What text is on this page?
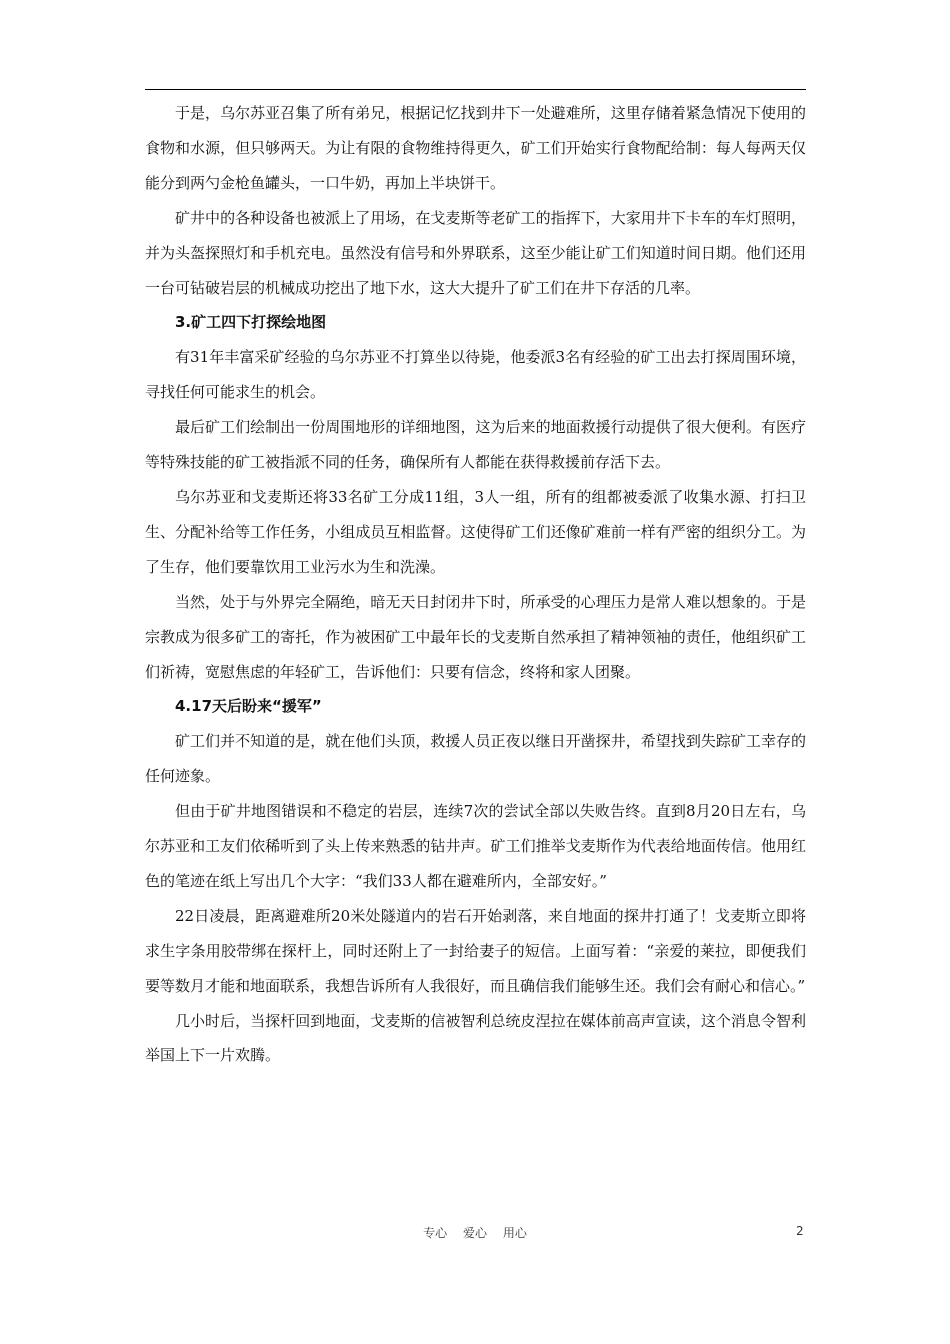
于是，乌尔苏亚召集了所有弟兄，根据记忆找到井下一处避难所，这里存储着紧急情况下使用的食物和水源，但只够两天。为让有限的食物维持得更久，矿工们开始实行食物配给制：每人每两天仅能分到两勺金枪鱼罐头，一口牛奶，再加上半块饼干。

矿井中的各种设备也被派上了用场，在戈麦斯等老矿工的指挥下，大家用井下卡车的车灯照明，并为头盔探照灯和手机充电。虽然没有信号和外界联系，这至少能让矿工们知道时间日期。他们还用一台可钻破岩层的机械成功挖出了地下水，这大大提升了矿工们在井下存活的几率。

3.矿工四下打探绘地图

有31年丰富采矿经验的乌尔苏亚不打算坐以待毙，他委派3名有经验的矿工出去打探周围环境，寻找任何可能求生的机会。

最后矿工们绘制出一份周围地形的详细地图，这为后来的地面救援行动提供了很大便利。有医疗等特殊技能的矿工被指派不同的任务，确保所有人都能在获得救援前存活下去。

乌尔苏亚和戈麦斯还将33名矿工分成11组，3人一组，所有的组都被委派了收集水源、打扫卫生、分配补给等工作任务，小组成员互相监督。这使得矿工们还像矿难前一样有严密的组织分工。为了生存，他们要靠饮用工业污水为生和洗澡。

当然，处于与外界完全隔绝，暗无天日封闭井下时，所承受的心理压力是常人难以想象的。于是宗教成为很多矿工的寄托，作为被困矿工中最年长的戈麦斯自然承担了精神领袖的责任，他组织矿工们祈祷，宽慰焦虑的年轻矿工，告诉他们：只要有信念，终将和家人团聚。

4.17天后盼来“援军”

矿工们并不知道的是，就在他们头顶，救援人员正夜以继日开凿探井，希望找到失踪矿工幸存的任何迹象。

但由于矿井地图错误和不稳定的岩层，连续7次的尝试全部以失败告终。直到8月20日左右，乌尔苏亚和工友们依稀听到了头上传来熟悉的钻井声。矿工们推举戈麦斯作为代表给地面传信。他用红色的笔迹在纸上写出几个大字：“我们33人都在避难所内，全部安好。”

22日凌晨，距离避难所20米处隧道内的岩石开始剥落，来自地面的探井打通了！戈麦斯立即将求生字条用胶带绑在探杆上，同时还附上了一封给妻子的短信。上面写着：“亲爱的莱拉，即便我们要等数月才能和地面联系，我想告诉所有人我很好，而且确信我们能够生还。我们会有耐心和信心。”

几小时后，当探杆回到地面，戈麦斯的信被智利总统皮涅拉在媒体前高声宣读，这个消息令智利举国上下一片欢腾。

专心 爱心 用心	2
